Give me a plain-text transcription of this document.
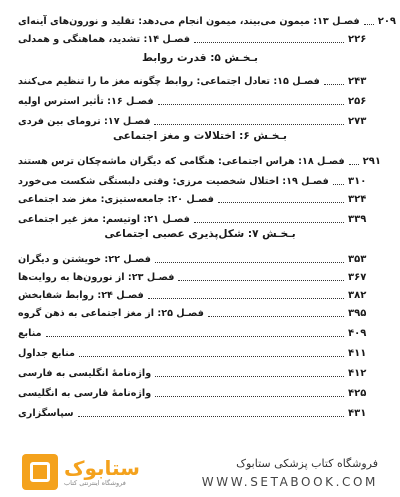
فصـل ۱۳: میمون می‌بیند، میمون انجام می‌دهد: تقلید و نورون‌های آینه‌ای ۲۰۹
فصـل ۱۴: تشدید، هماهنگی و همدلی	۲۲۶
بـخـش ۵: قدرت روابط
فصـل ۱۵: تعادل اجتماعی: روابط چگونه مغز ما را تنظیم می‌کنند	۲۴۳
فصـل ۱۶: تأثیر استرس اولیه	۲۵۶
فصـل ۱۷: ترومای بین فردی	۲۷۳
بـخـش ۶: اختلالات و مغز اجتماعی
فصـل ۱۸: هراس اجتماعی: هنگامی که دیگران ماشه‌چکان ترس هستند ۲۹۱
فصـل ۱۹: اختلال شخصیت مرزی: وقتی دلبستگی شکست می‌خورد ۳۱۰
فصـل ۲۰: جامعه‌ستیزی: مغز ضد اجتماعی	۳۲۴
فصـل ۲۱: اوتیسم: مغز غیر اجتماعی	۳۳۹
بـخـش ۷: شکل‌پذیری عصبی اجتماعی
فصـل ۲۲: خویشتن و دیگران	۳۵۳
فصـل ۲۳: از نورون‌ها به روایت‌ها	۳۶۷
فصـل ۲۴: روابط شفابخش	۳۸۲
فصـل ۲۵: از مغز اجتماعی به ذهن گروه	۳۹۵
منابع	۴۰۹
منابع جداول	۴۱۱
واژه‌نامهٔ انگلیسی به فارسی	۴۱۲
واژه‌نامهٔ فارسی به انگلیسی	۴۲۵
سپاسگزاری	۴۳۱
ستابوک
فروشگاه اینترنتی کتاب
فروشگاه کتاب پزشکی ستابوک
WWW.SETABOOK.COM
